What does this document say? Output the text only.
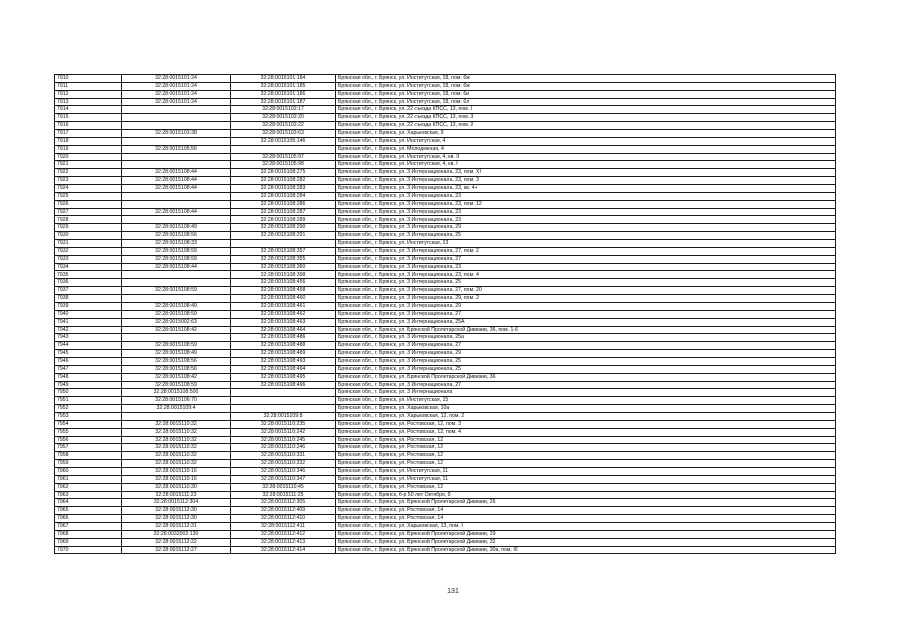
7910	32:28:0015101:24	32:28:0015101:184	Брянская обл., г. Брянск, ул. Институтская, 18, пом. 6ж
7911	32:28:0015101:24	32:28:0015101:185	Брянская обл., г. Брянск, ул. Институтская, 18, пом. 6ж
7912	32:28:0015101:24	32:28:0015101:186	Брянская обл., г. Брянск, ул. Институтская, 18, пом. 6и
7913	32:28:0015101:24	32:28:0015101:187	Брянская обл., г. Брянск, ул. Институтская, 18, пом. 6л
7914		32:28:0015102:17	Брянская обл., г. Брянск, ул. 22 съезда КПСС, 13, пом. I
7915		32:28:0015102:20	Брянская обл., г. Брянск, ул. 22 съезда КПСС, 13, пом. 3
7916		32:28:0015102:22	Брянская обл., г. Брянск, ул. 22 съезда КПСС, 13, пом. 2
7917	32:28:0015103:38	32:28:0015103:63	Брянская обл., г. Брянск, ул. Харьковская, 9
7918		32:28:0015105:146	Брянская обл., г. Брянск, ул. Институтская, 4
7919	32:28:0015105:56		Брянская обл., г. Брянск, ул. Молодежная, 4
7920		32:28:0015105:97	Брянская обл., г. Брянск, ул. Институтская, 4, кв. II
7921		32:28:0015105:98	Брянская обл., г. Брянск, ул. Институтская, 4, кв. I
7922	32:28:0015108:44	32:28:0015108:275	Брянская обл., г. Брянск, ул. 3 Интернационала, 23, пом. XI
7923	32:28:0015108:44	32:28:0015108:282	Брянская обл., г. Брянск, ул. 3 Интернационала, 23, пом. 3
7924	32:28:0015108:44	32:28:0015108:283	Брянская обл., г. Брянск, ул. 3 Интернационала, 23, кв. 4+
7925		32:28:0015108:284	Брянская обл., г. Брянск, ул. 3 Интернационала, 23
7926		32:28:0015108:286	Брянская обл., г. Брянск, ул. 3 Интернационала, 23, пом. 12
7927	32:28:0015108:44	32:28:0015108:287	Брянская обл., г. Брянск, ул. 3 Интернационала, 23
7928		32:28:0015108:289	Брянская обл., г. Брянск, ул. 3 Интернационала, 23
7929	32:28:0015108:49	32:28:0015108:290	Брянская обл., г. Брянск, ул. 3 Интернационала, 29
7930	32:28:0015108:56	32:28:0015108:291	Брянская обл., г. Брянск, ул. 3 Интернационала, 25
7931	32:28:0015108:33		Брянская обл., г. Брянск, ул. Институтская, 13
7932	32:28:0015108:59	32:28:0015108:357	Брянская обл., г. Брянск, ул. 3 Интернационала, 27, пом. 2
7933	32:28:0015108:59	32:28:0015108:355	Брянская обл., г. Брянск, ул. 3 Интернационала, 27
7934	32:28:0015108:44	32:28:0015108:360	Брянская обл., г. Брянск, ул. 3 Интернационала, 23
7935		32:28:0015108:398	Брянская обл., г. Брянск, ул. 3 Интернационала, 23, пом. 4
7936		32:28:0015108:456	Брянская обл., г. Брянск, ул. 3 Интернационала, 25
7937	32:28:0015108:59	32:28:0015108:458	Брянская обл., г. Брянск, ул. 3 Интернационала, 27, пом. 20
7938		32:28:0015108:460	Брянская обл., г. Брянск, ул. 3 Интернационала, 29, пом. 2
7939	32:28:0015108:49	32:28:0015108:461	Брянская обл., г. Брянск, ул. 3 Интернационала, 29
7940	32:28:0015108:59	32:28:0015108:462	Брянская обл., г. Брянск, ул. 3 Интернационала, 27
7941	32:28:0015002:63	32:28:0015108:463	Брянская обл., г. Брянск, ул. 3 Интернационала, 25А
7942	32:28:0015108:42	32:28:0015108:464	Брянская обл., г. Брянск, ул. Брянской Пролетарской Дивизии, 36, пом. 1-6
7943		32:28:0015108:486	Брянская обл., г. Брянск, ул. 3 Интернационала, 25а
7944	32:28:0015108:59	32:28:0015108:488	Брянская обл., г. Брянск, ул. 3 Интернационала, 27
7945	32:28:0015108:49	32:28:0015108:489	Брянская обл., г. Брянск, ул. 3 Интернационала, 29
7946	32:28:0015108:56	32:28:0015108:493	Брянская обл., г. Брянск, ул. 3 Интернационала, 25
7947	32:28:0015108:56	32:28:0015108:494	Брянская обл., г. Брянск, ул. 3 Интернационала, 25
7948	32:28:0015108:42	32:28:0015108:495	Брянская обл., г. Брянск, ул. Брянской Пролетарской Дивизии, 36
7949	32:28:0015108:59	32:28:0015108:496	Брянская обл., г. Брянск, ул. 3 Интернационала, 27
7950	32:28:0015108:500		Брянская обл., г. Брянск, ул. 3 Интернационала
7951	32:28:0015106:70		Брянская обл., г. Брянск, ул. Институтская, 15
7952	32:28:0015109:4		Брянская обл., г. Брянск, ул. Харьковская, 10а
7953		32:28:0015109:8	Брянская обл., г. Брянск, ул. Харьковская, 12, пом. 2
7954	32:28:0015110:32	32:28:0015110:235	Брянская обл., г. Брянск, ул. Ростовская, 12, пом. 3
7955	32:28:0015110:32	32:28:0015110:242	Брянская обл., г. Брянск, ул. Ростовская, 12, пом. 4
7956	32:28:0015110:32	32:28:0015110:245	Брянская обл., г. Брянск, ул. Ростовская, 12
7957	32:28:0015110:32	32:28:0015110:246	Брянская обл., г. Брянск, ул. Ростовская, 12
7958	32:28:0015110:32	32:28:0015110:331	Брянская обл., г. Брянск, ул. Ростовская, 12
7959	32:28:0015110:32	32:28:0015110:332	Брянская обл., г. Брянск, ул. Ростовская, 12
7960	32:28:0015110:16	32:28:0015110:346	Брянская обл., г. Брянск, ул. Институтская, 11
7961	32:28:0015110:16	32:28:0015110:347	Брянская обл., г. Брянск, ул. Институтская, 11
7962	32:28:0015110:30	32:28:0015110:45	Брянская обл., г. Брянск, ул. Ростовская, 12
7963	32:28:0015111:23	32:28:0015111:25	Брянская обл., г. Брянск, б-р 50 лет Октября, 9
7964	32:28:0015112:304	32:28:0015112:305	Брянская обл., г. Брянск, ул. Брянской Пролетарской Дивизии, 26
7965	32:28:0015112:30	32:28:0015112:409	Брянская обл., г. Брянск, ул. Ростовская, 14
7966	32:28:0015112:30	32:28:0015112:410	Брянская обл., г. Брянск, ул. Ростовская, 14
7967	32:28:0015112:31	32:28:0015112:411	Брянская обл., г. Брянск, ул. Харьковская, 13, пом. I
7968	32:28:0032002:130	32:28:0015112:412	Брянская обл., г. Брянск, ул. Брянской Пролетарской Дивизии, 29
7969	32:28:0015112:22	32:28:0015112:413	Брянская обл., г. Брянск, ул. Брянской Пролетарской Дивизии, 32
7970	32:28:0015112:27	32:28:0015112:414	Брянская обл., г. Брянск, ул. Брянской Пролетарской Дивизии, 30а, пом. III
131
